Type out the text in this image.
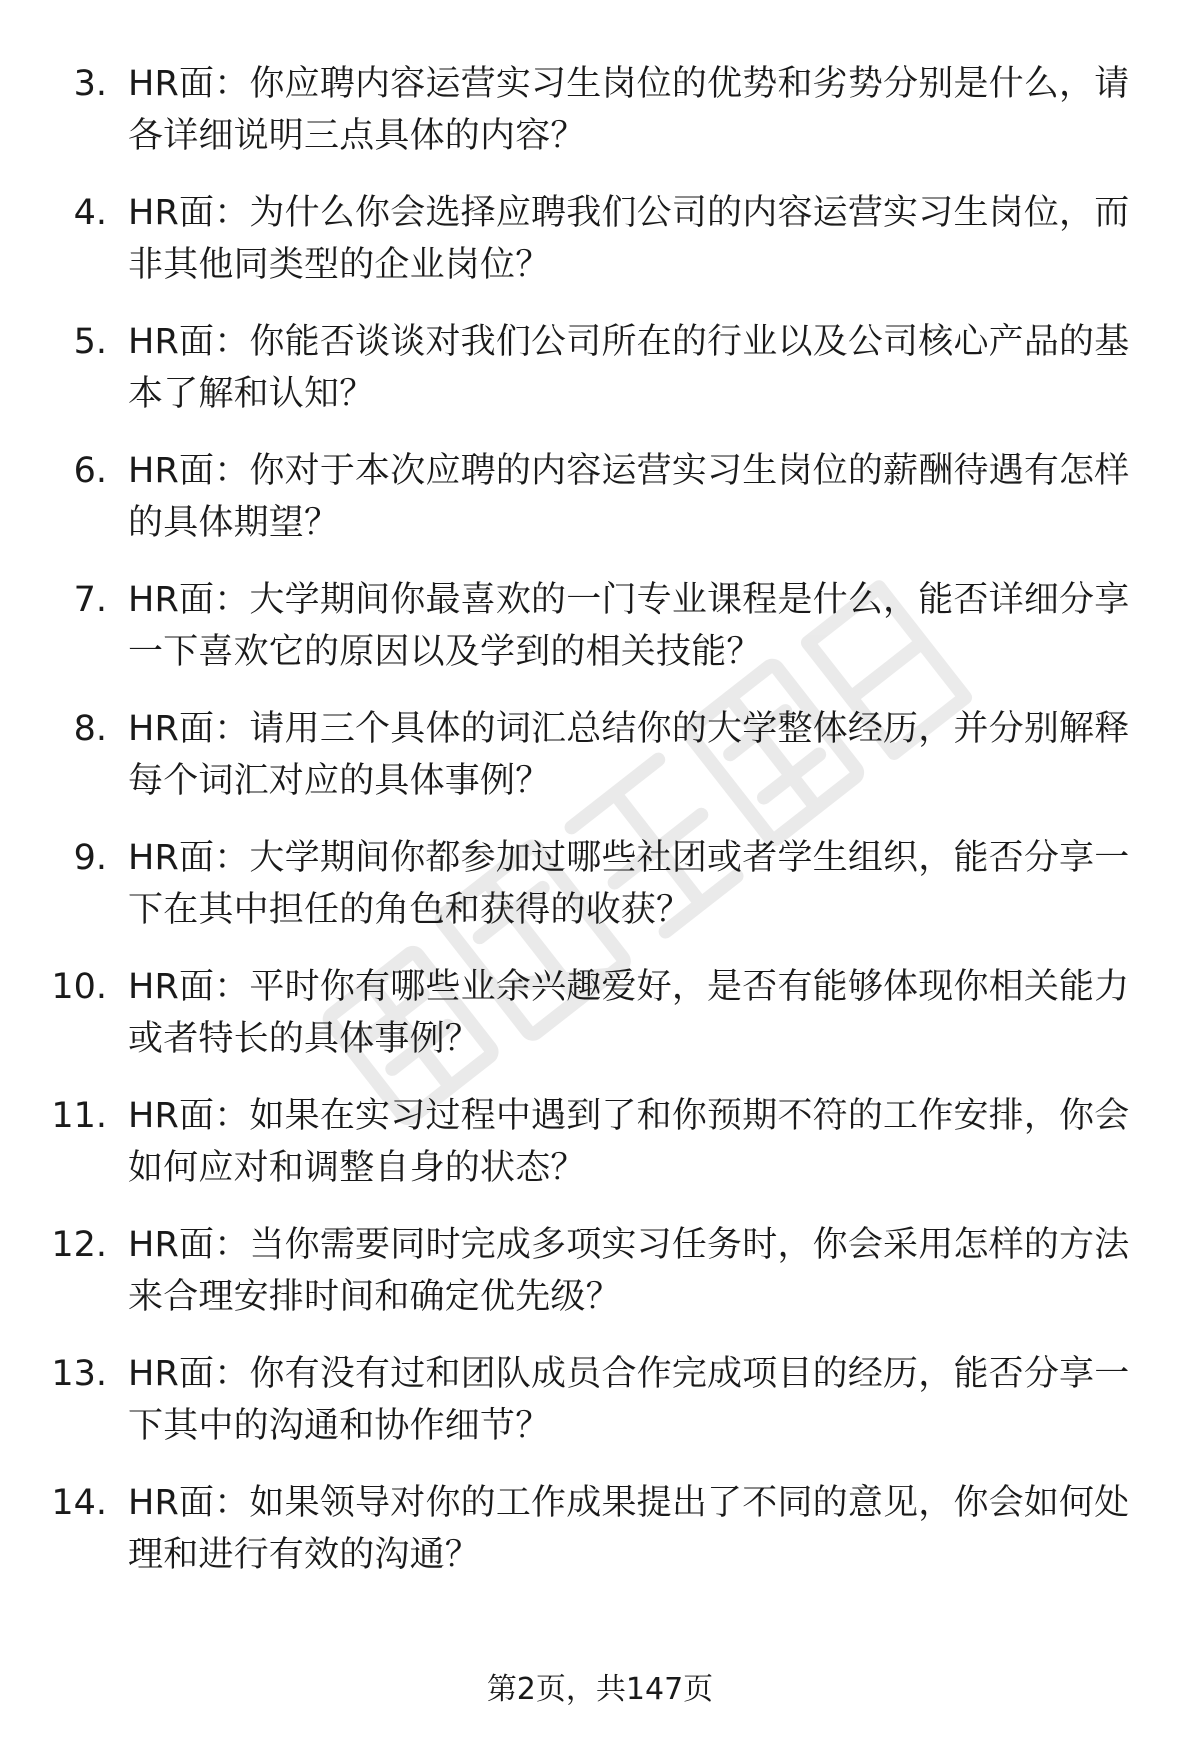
3. HR面：你应聘内容运营实习生岗位的优势和劣势分别是什么，请各详细说明三点具体的内容？
4. HR面：为什么你会选择应聘我们公司的内容运营实习生岗位，而非其他同类型的企业岗位？
5. HR面：你能否谈谈对我们公司所在的行业以及公司核心产品的基本了解和认知？
6. HR面：你对于本次应聘的内容运营实习生岗位的薪酬待遇有怎样的具体期望？
7. HR面：大学期间你最喜欢的一门专业课程是什么，能否详细分享一下喜欢它的原因以及学到的相关技能？
8. HR面：请用三个具体的词汇总结你的大学整体经历，并分别解释每个词汇对应的具体事例？
9. HR面：大学期间你都参加过哪些社团或者学生组织，能否分享一下在其中担任的角色和获得的收获？
10. HR面：平时你有哪些业余兴趣爱好，是否有能够体现你相关能力或者特长的具体事例？
11. HR面：如果在实习过程中遇到了和你预期不符的工作安排，你会如何应对和调整自身的状态？
12. HR面：当你需要同时完成多项实习任务时，你会采用怎样的方法来合理安排时间和确定优先级？
13. HR面：你有没有过和团队成员合作完成项目的经历，能否分享一下其中的沟通和协作细节？
14. HR面：如果领导对你的工作成果提出了不同的意见，你会如何处理和进行有效的沟通？
第2页，共147页
